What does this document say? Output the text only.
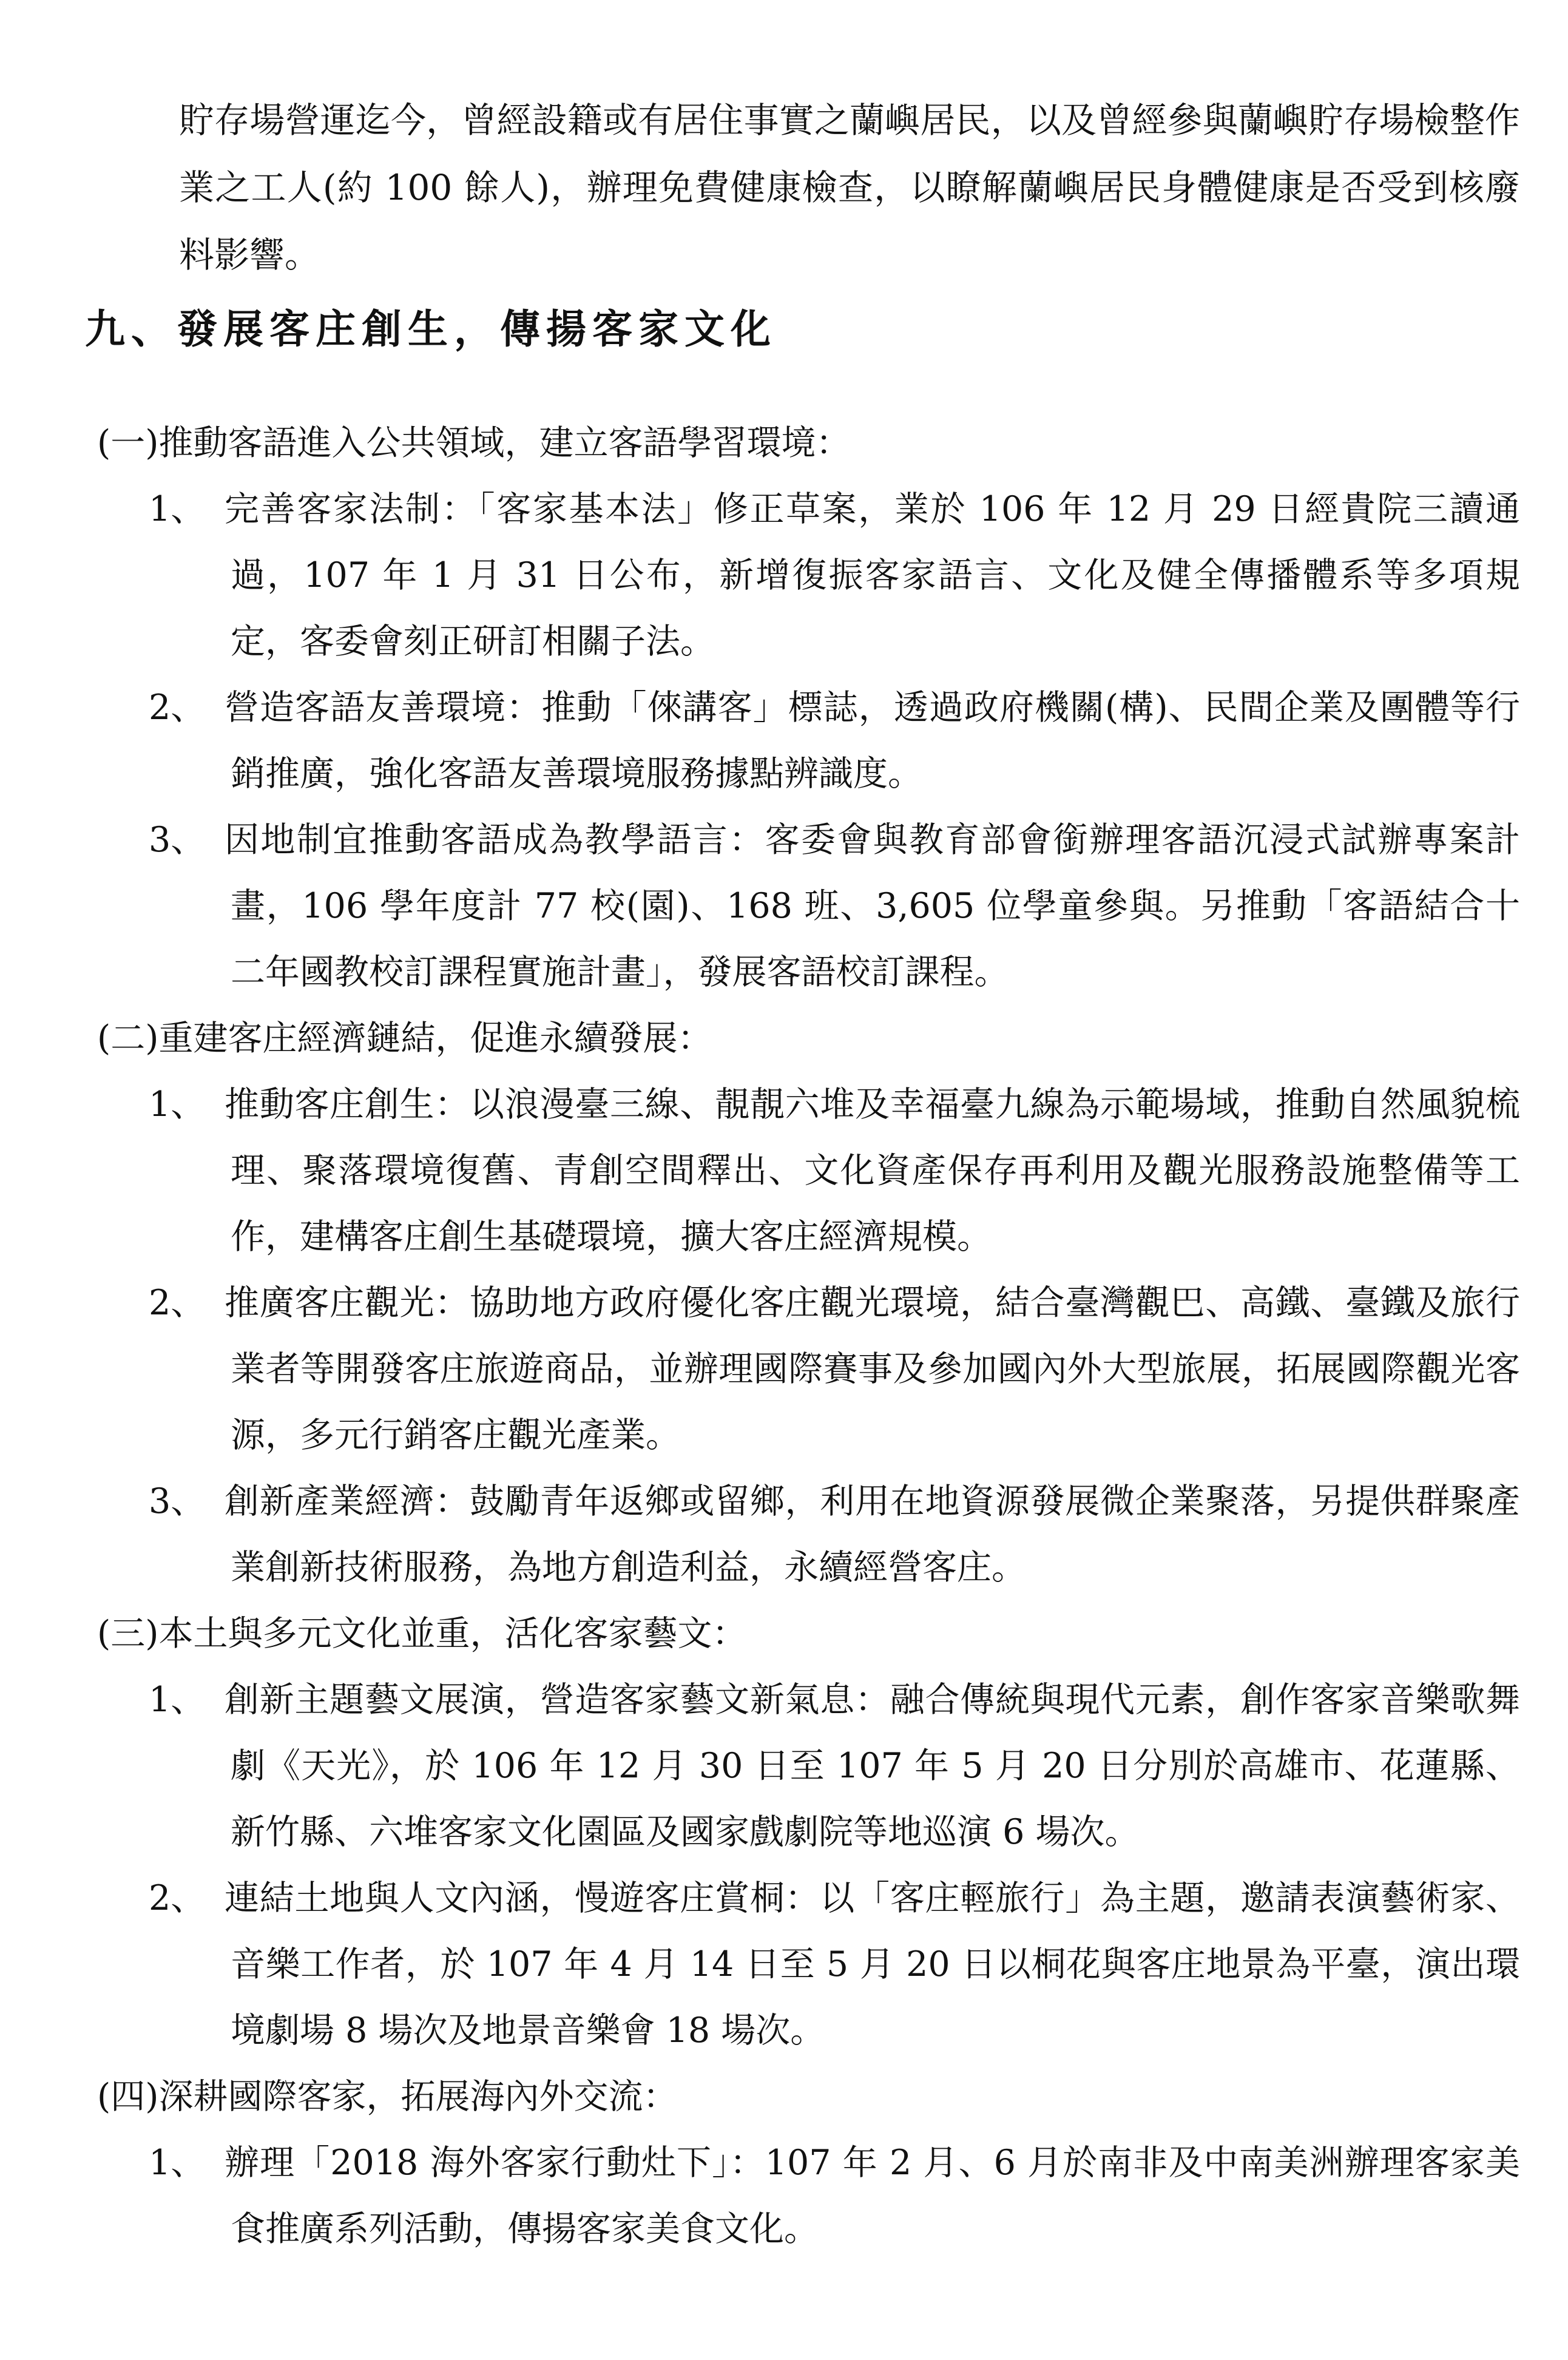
貯存場營運迄今，曾經設籍或有居住事實之蘭嶼居民，以及曾經參與蘭嶼貯存場檢整作業之工人(約 100 餘人)，辦理免費健康檢查，以瞭解蘭嶼居民身體健康是否受到核廢料影響。

九、發展客庄創生，傳揚客家文化
(一)推動客語進入公共領域，建立客語學習環境：
1、 完善客家法制：「客家基本法」修正草案，業於 106 年 12 月 29 日經貴院三讀通過，107 年 1 月 31 日公布，新增復振客家語言、文化及健全傳播體系等多項規定，客委會刻正研訂相關子法。
2、 營造客語友善環境：推動「倈講客」標誌，透過政府機關(構)、民間企業及團體等行銷推廣，強化客語友善環境服務據點辨識度。
3、 因地制宜推動客語成為教學語言：客委會與教育部會銜辦理客語沉浸式試辦專案計畫，106 學年度計 77 校(園)、168 班、3,605 位學童參與。另推動「客語結合十二年國教校訂課程實施計畫」，發展客語校訂課程。
(二)重建客庄經濟鏈結，促進永續發展：
1、 推動客庄創生：以浪漫臺三線、靚靚六堆及幸福臺九線為示範場域，推動自然風貌梳理、聚落環境復舊、青創空間釋出、文化資產保存再利用及觀光服務設施整備等工作，建構客庄創生基礎環境，擴大客庄經濟規模。
2、 推廣客庄觀光：協助地方政府優化客庄觀光環境，結合臺灣觀巴、高鐵、臺鐵及旅行業者等開發客庄旅遊商品，並辦理國際賽事及參加國內外大型旅展，拓展國際觀光客源，多元行銷客庄觀光產業。
3、 創新產業經濟：鼓勵青年返鄉或留鄉，利用在地資源發展微企業聚落，另提供群聚產業創新技術服務，為地方創造利益，永續經營客庄。
(三)本土與多元文化並重，活化客家藝文：
1、 創新主題藝文展演，營造客家藝文新氣息：融合傳統與現代元素，創作客家音樂歌舞劇《天光》，於 106 年 12 月 30 日至 107 年 5 月 20 日分別於高雄市、花蓮縣、新竹縣、六堆客家文化園區及國家戲劇院等地巡演 6 場次。
2、 連結土地與人文內涵，慢遊客庄賞桐：以「客庄輕旅行」為主題，邀請表演藝術家、音樂工作者，於 107 年 4 月 14 日至 5 月 20 日以桐花與客庄地景為平臺，演出環境劇場 8 場次及地景音樂會 18 場次。
(四)深耕國際客家，拓展海內外交流：
1、 辦理「2018 海外客家行動灶下」：107 年 2 月、6 月於南非及中南美洲辦理客家美食推廣系列活動，傳揚客家美食文化。
